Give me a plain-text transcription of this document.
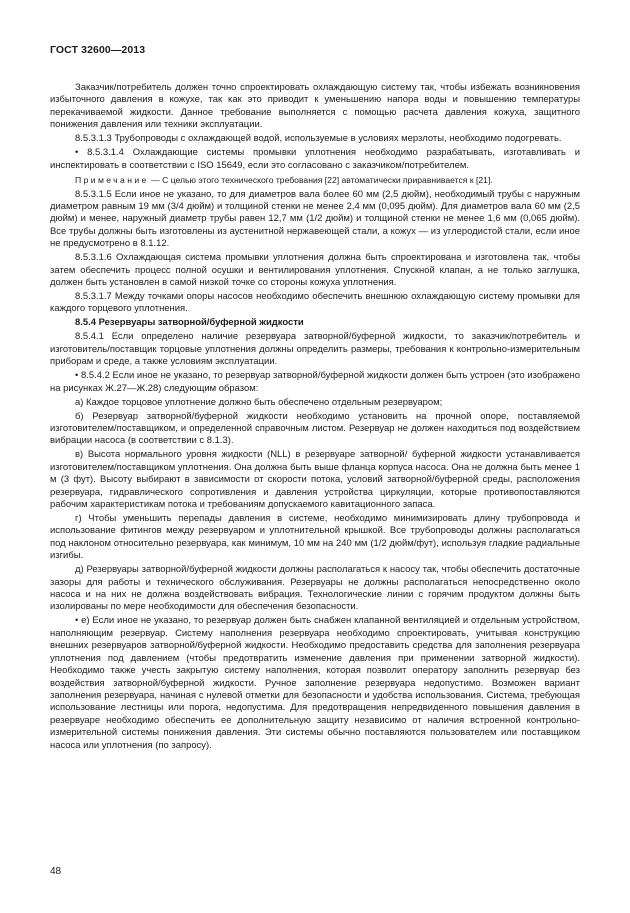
ГОСТ 32600—2013

Заказчик/потребитель должен точно спроектировать охлаждающую систему так, чтобы избежать возникновения избыточного давления в кожухе, так как это приводит к уменьшению напора воды и повышению температуры перекачиваемой жидкости. Данное требование выполняется с помощью расчета давления кожуха, защитного понижения давления или техники эксплуатации.

8.5.3.1.3 Трубопроводы с охлаждающей водой, используемые в условиях мерзлоты, необходимо подогревать.

• 8.5.3.1.4 Охлаждающие системы промывки уплотнения необходимо разрабатывать, изготавливать и инспектировать в соответствии с ISO 15649, если это согласовано с заказчиком/потребителем.

Примечание — С целью этого технического требования [22] автоматически приравнивается к [21].

8.5.3.1.5 Если иное не указано, то для диаметров вала более 60 мм (2,5 дюйм), необходимый трубы с наружным диаметром равным 19 мм (3/4 дюйм) и толщиной стенки не менее 2,4 мм (0,095 дюйм). Для диаметров вала 60 мм (2,5 дюйм) и менее, наружный диаметр трубы равен 12,7 мм (1/2 дюйм) и толщиной стенки не менее 1,6 мм (0,065 дюйм). Все трубы должны быть изготовлены из аустенитной нержавеющей стали, а кожух — из углеродистой стали, если иное не предусмотрено в 8.1.12.

8.5.3.1.6 Охлаждающая система промывки уплотнения должна быть спроектирована и изготовлена так, чтобы затем обеспечить процесс полной осушки и вентилирования уплотнения. Спускной клапан, а не только заглушка, должен быть установлен в самой низкой точке со стороны кожуха уплотнения.

8.5.3.1.7 Между точками опоры насосов необходимо обеспечить внешнюю охлаждающую систему промывки для каждого торцевого уплотнения.

8.5.4 Резервуары затворной/буферной жидкости

8.5.4.1 Если определено наличие резервуара затворной/буферной жидкости, то заказчик/потребитель и изготовитель/поставщик торцовые уплотнения должны определить размеры, требования к контрольно-измерительным приборам и среде, а также условиям эксплуатации.

• 8.5.4.2 Если иное не указано, то резервуар затворной/буферной жидкости должен быть устроен (это изображено на рисунках Ж.27—Ж.28) следующим образом:

а) Каждое торцовое уплотнение должно быть обеспечено отдельным резервуаром;

б) Резервуар затворной/буферной жидкости необходимо установить на прочной опоре, поставляемой изготовителем/поставщиком, и определенной справочным листом. Резервуар не должен находиться под воздействием вибрации насоса (в соответствии с 8.1.3).

в) Высота нормального уровня жидкости (NLL) в резервуаре затворной/ буферной жидкости устанавливается изготовителем/поставщиком уплотнения. Она должна быть выше фланца корпуса насоса. Она не должна быть менее 1 м (3 фут). Высоту выбирают в зависимости от скорости потока, условий затворной/буферной среды, расположения резервуара, гидравлического сопротивления и давления устройства циркуляции, которые противопоставляются рабочим характеристикам потока и требованиям допускаемого кавитационного запаса.

г) Чтобы уменьшить перепады давления в системе, необходимо минимизировать длину трубопровода и использование фитингов между резервуаром и уплотнительной крышкой. Все трубопроводы должны располагаться под наклоном относительно резервуара, как минимум, 10 мм на 240 мм (1/2 дюйм/фут), используя гладкие радиальные изгибы.

д) Резервуары затворной/буферной жидкости должны располагаться к насосу так, чтобы обеспечить достаточные зазоры для работы и технического обслуживания. Резервуары не должны располагаться непосредственно около насоса и на них не должна воздействовать вибрация. Технологические линии с горячим продуктом должны быть изолированы по мере необходимости для обеспечения безопасности.

• е) Если иное не указано, то резервуар должен быть снабжен клапанной вентиляцией и отдельным устройством, наполняющим резервуар. Систему наполнения резервуара необходимо спроектировать, учитывая конструкцию внешних резервуаров затворной/буферной жидкости. Необходимо предоставить средства для заполнения резервуара уплотнения под давлением (чтобы предотвратить изменение давления при применении затворной жидкости). Необходимо также учесть закрытую систему наполнения, которая позволит оператору заполнить резервуар без воздействия затворной/буферной жидкости. Ручное заполнение резервуара недопустимо. Возможен вариант заполнения резервуара, начиная с нулевой отметки для безопасности и удобства использования. Система, требующая использование лестницы или порога, недопустима. Для предотвращения непредвиденного повышения давления в резервуаре необходимо обеспечить ее дополнительную защиту независимо от наличия встроенной контрольно-измерительной системы понижения давления. Эти системы обычно поставляются пользователем или поставщиком насоса или уплотнения (по запросу).

48
